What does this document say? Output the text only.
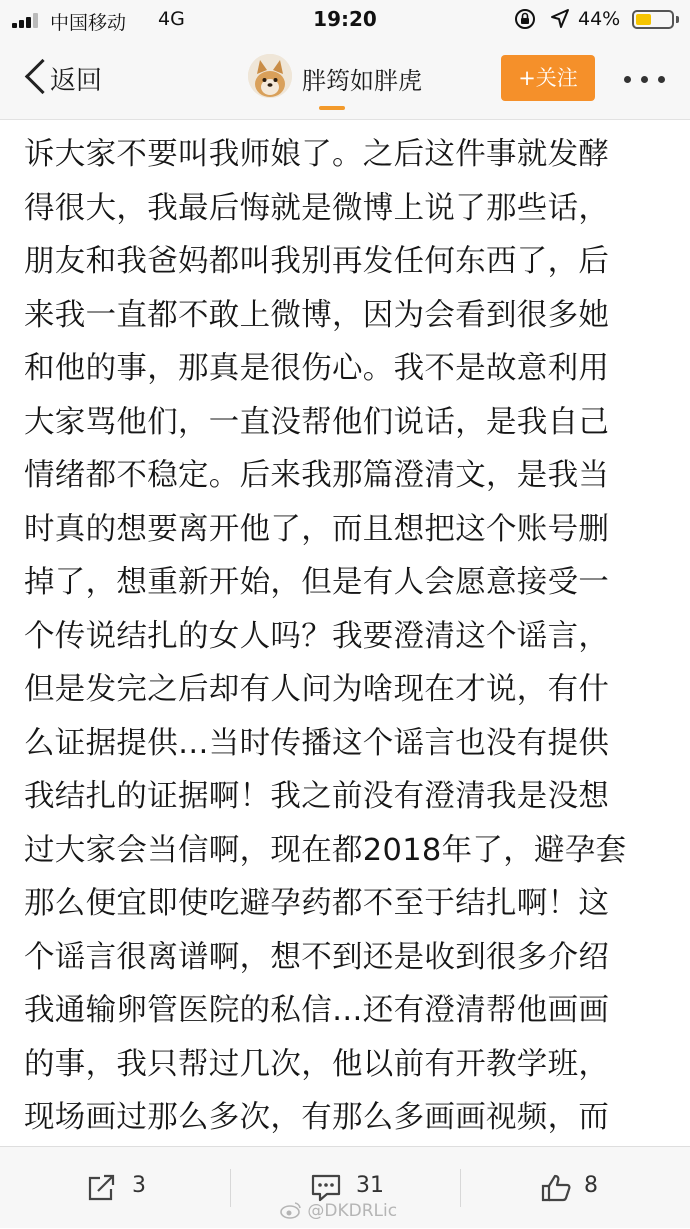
中国移动 4G	19:20	44%
返回	胖筠如胖虎	+关注
诉大家不要叫我师娘了。之后这件事就发酵
得很大，我最后悔就是微博上说了那些话，
朋友和我爸妈都叫我别再发任何东西了，后
来我一直都不敢上微博，因为会看到很多她
和他的事，那真是很伤心。我不是故意利用
大家骂他们，一直没帮他们说话，是我自己
情绪都不稳定。后来我那篇澄清文，是我当
时真的想要离开他了，而且想把这个账号删
掉了，想重新开始，但是有人会愿意接受一
个传说结扎的女人吗？我要澄清这个谣言，
但是发完之后却有人问为啥现在才说，有什
么证据提供…当时传播这个谣言也没有提供
我结扎的证据啊！我之前没有澄清我是没想
过大家会当信啊，现在都2018年了，避孕套
那么便宜即使吃避孕药都不至于结扎啊！这
个谣言很离谱啊，想不到还是收到很多介绍
我通输卵管医院的私信…还有澄清帮他画画
的事，我只帮过几次，他以前有开教学班，
现场画过那么多次，有那么多画画视频，而
3	31	8
@DKDRLic
